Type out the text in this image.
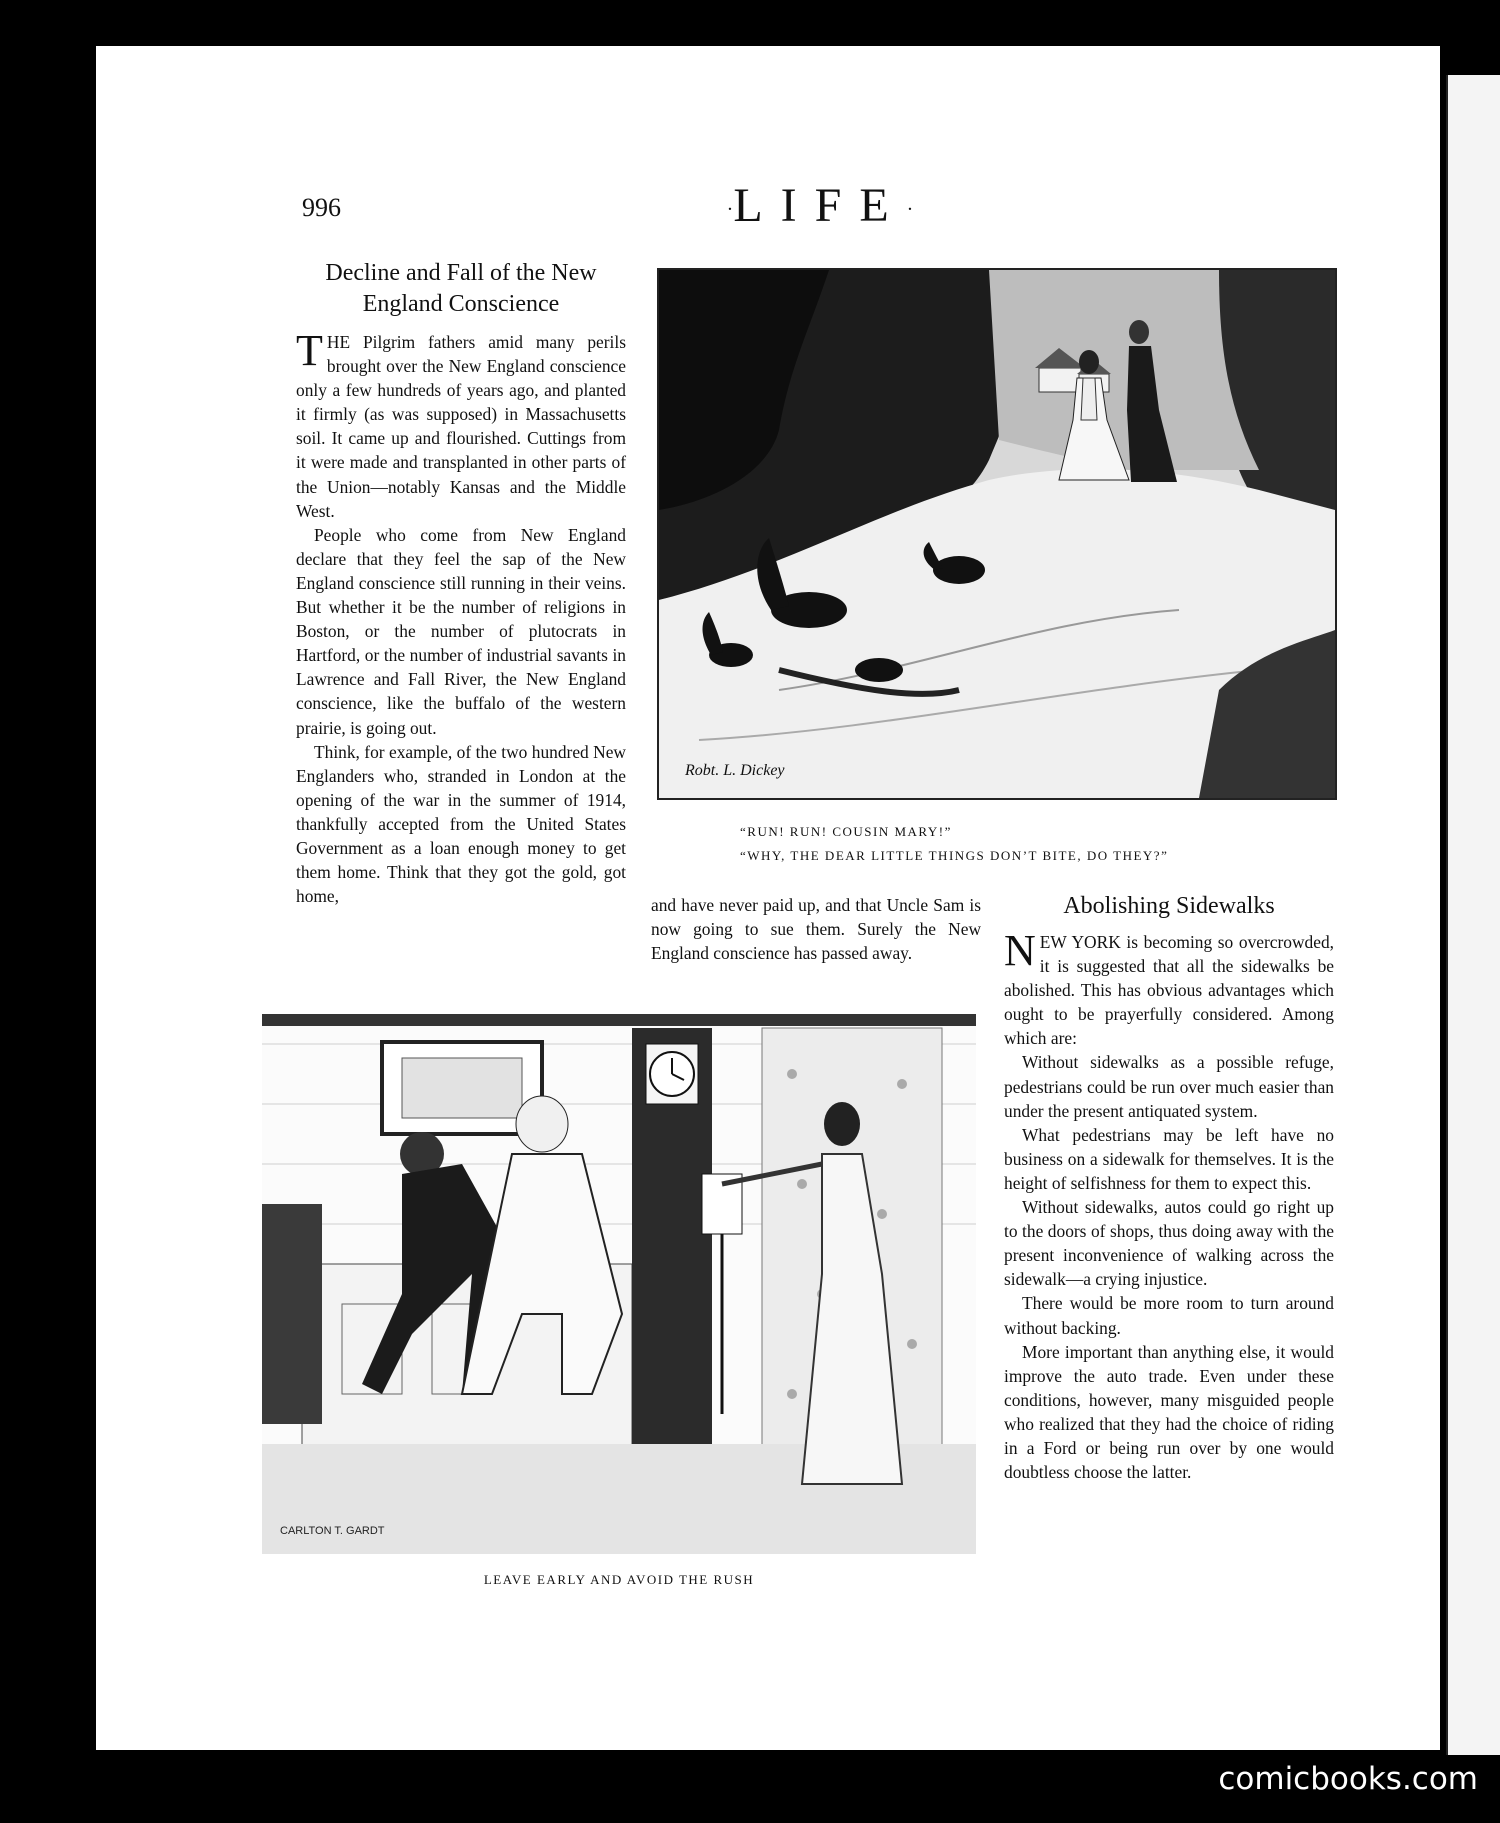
996	·LIFE·
Decline and Fall of the New
England Conscience

THE Pilgrim fathers amid many perils brought over the New England conscience only a few hundreds of years ago, and planted it firmly (as was supposed) in Massachusetts soil. It came up and flourished. Cuttings from it were made and transplanted in other parts of the Union—notably Kansas and the Middle West.

People who come from New England declare that they feel the sap of the New England conscience still running in their veins. But whether it be the number of religions in Boston, or the number of plutocrats in Hartford, or the number of industrial savants in Lawrence and Fall River, the New England conscience, like the buffalo of the western prairie, is going out.

Think, for example, of the two hundred New Englanders who, stranded in London at the opening of the war in the summer of 1914, thankfully accepted from the United States Government as a loan enough money to get them home. Think that they got the gold, got home,	and have never paid up, and that Uncle Sam is now going to sue them. Surely the New England conscience has passed away.

Robt. L. Dickey
“RUN! RUN! COUSIN MARY!”
“WHY, THE DEAR LITTLE THINGS DON’T BITE, DO THEY?”
CARLTON T. GARDT
LEAVE EARLY AND AVOID THE RUSH
Abolishing Sidewalks

NEW YORK is becoming so overcrowded, it is suggested that all the sidewalks be abolished. This has obvious advantages which ought to be prayerfully considered. Among which are:

Without sidewalks as a possible refuge, pedestrians could be run over much easier than under the present antiquated system.

What pedestrians may be left have no business on a sidewalk for themselves. It is the height of selfishness for them to expect this.

Without sidewalks, autos could go right up to the doors of shops, thus doing away with the present inconvenience of walking across the sidewalk—a crying injustice.

There would be more room to turn around without backing.

More important than anything else, it would improve the auto trade. Even under these conditions, however, many misguided people who realized that they had the choice of riding in a Ford or being run over by one would doubtless choose the latter.

comicbooks.com
